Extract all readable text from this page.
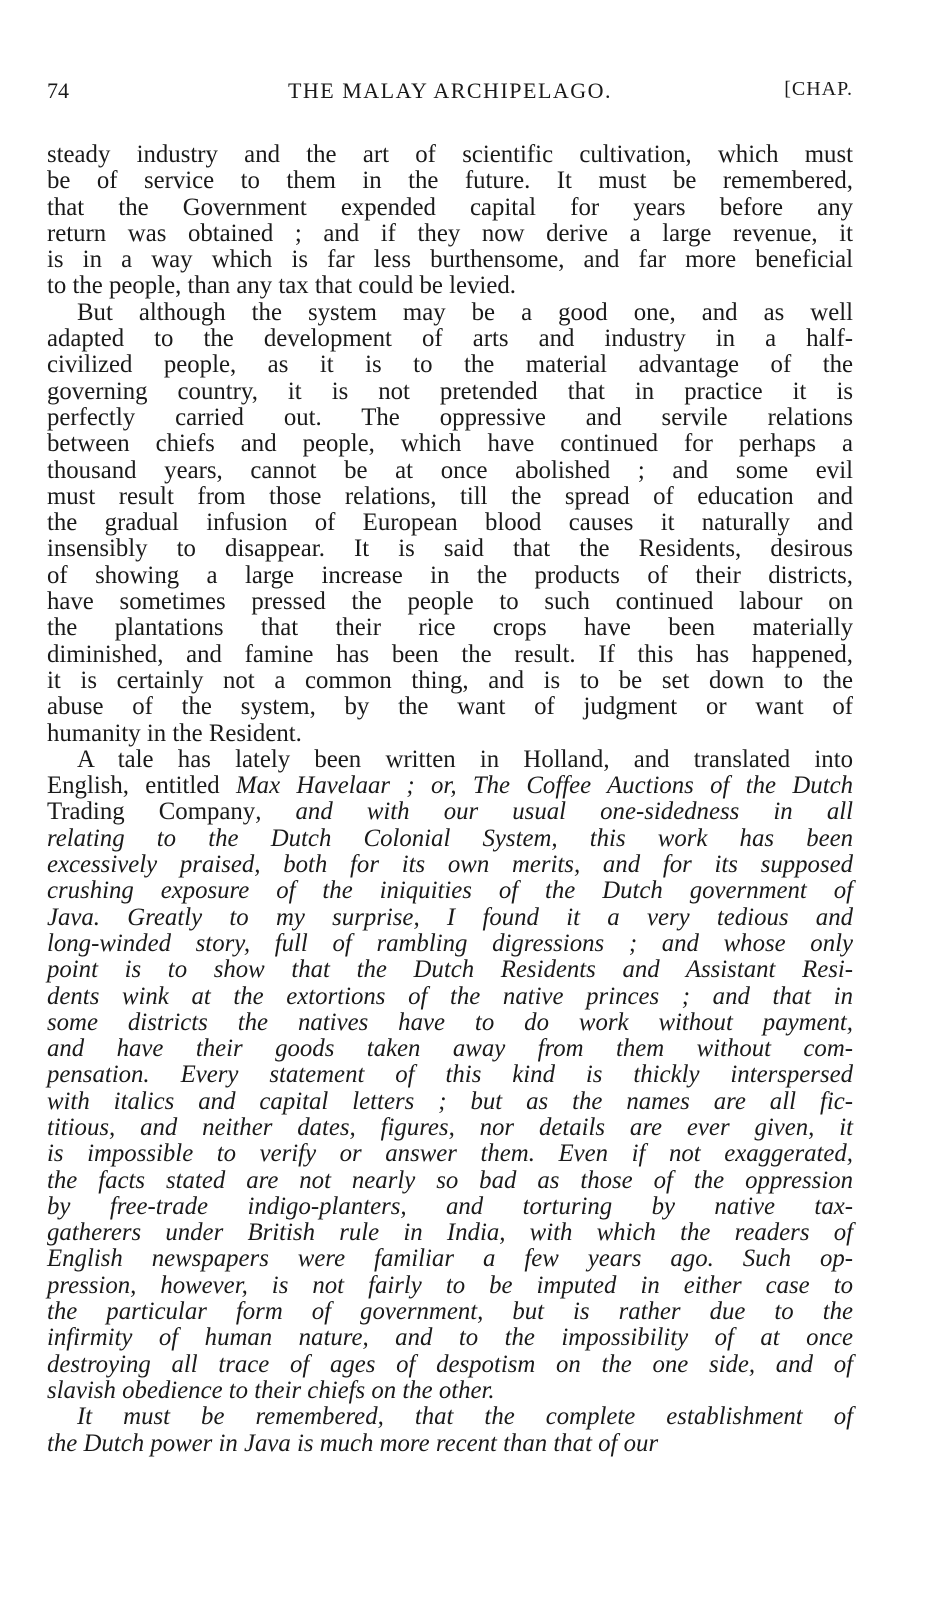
74	THE MALAY ARCHIPELAGO.	[CHAP.

steady industry and the art of scientific cultivation, which must
be of service to them in the future. It must be remembered,
that the Government expended capital for years before any
return was obtained ; and if they now derive a large revenue, it
is in a way which is far less burthensome, and far more beneficial
to the people, than any tax that could be levied.

But although the system may be a good one, and as well
adapted to the development of arts and industry in a half-
civilized people, as it is to the material advantage of the
governing country, it is not pretended that in practice it is
perfectly carried out. The oppressive and servile relations
between chiefs and people, which have continued for perhaps a
thousand years, cannot be at once abolished ; and some evil
must result from those relations, till the spread of education and
the gradual infusion of European blood causes it naturally and
insensibly to disappear. It is said that the Residents, desirous
of showing a large increase in the products of their districts,
have sometimes pressed the people to such continued labour on
the plantations that their rice crops have been materially
diminished, and famine has been the result. If this has happened,
it is certainly not a common thing, and is to be set down to the
abuse of the system, by the want of judgment or want of
humanity in the Resident.

A tale has lately been written in Holland, and translated into
English, entitled Max Havelaar ; or, The Coffee Auctions of the Dutch
Trading Company, and with our usual one-sidedness in all
relating to the Dutch Colonial System, this work has been
excessively praised, both for its own merits, and for its supposed
crushing exposure of the iniquities of the Dutch government of
Java. Greatly to my surprise, I found it a very tedious and
long-winded story, full of rambling digressions ; and whose only
point is to show that the Dutch Residents and Assistant Resi-
dents wink at the extortions of the native princes ; and that in
some districts the natives have to do work without payment,
and have their goods taken away from them without com-
pensation. Every statement of this kind is thickly interspersed
with italics and capital letters ; but as the names are all fic-
titious, and neither dates, figures, nor details are ever given, it
is impossible to verify or answer them. Even if not exaggerated,
the facts stated are not nearly so bad as those of the oppression
by free-trade indigo-planters, and torturing by native tax-
gatherers under British rule in India, with which the readers of
English newspapers were familiar a few years ago. Such op-
pression, however, is not fairly to be imputed in either case to
the particular form of government, but is rather due to the
infirmity of human nature, and to the impossibility of at once
destroying all trace of ages of despotism on the one side, and of
slavish obedience to their chiefs on the other.

It must be remembered, that the complete establishment of
the Dutch power in Java is much more recent than that of our
